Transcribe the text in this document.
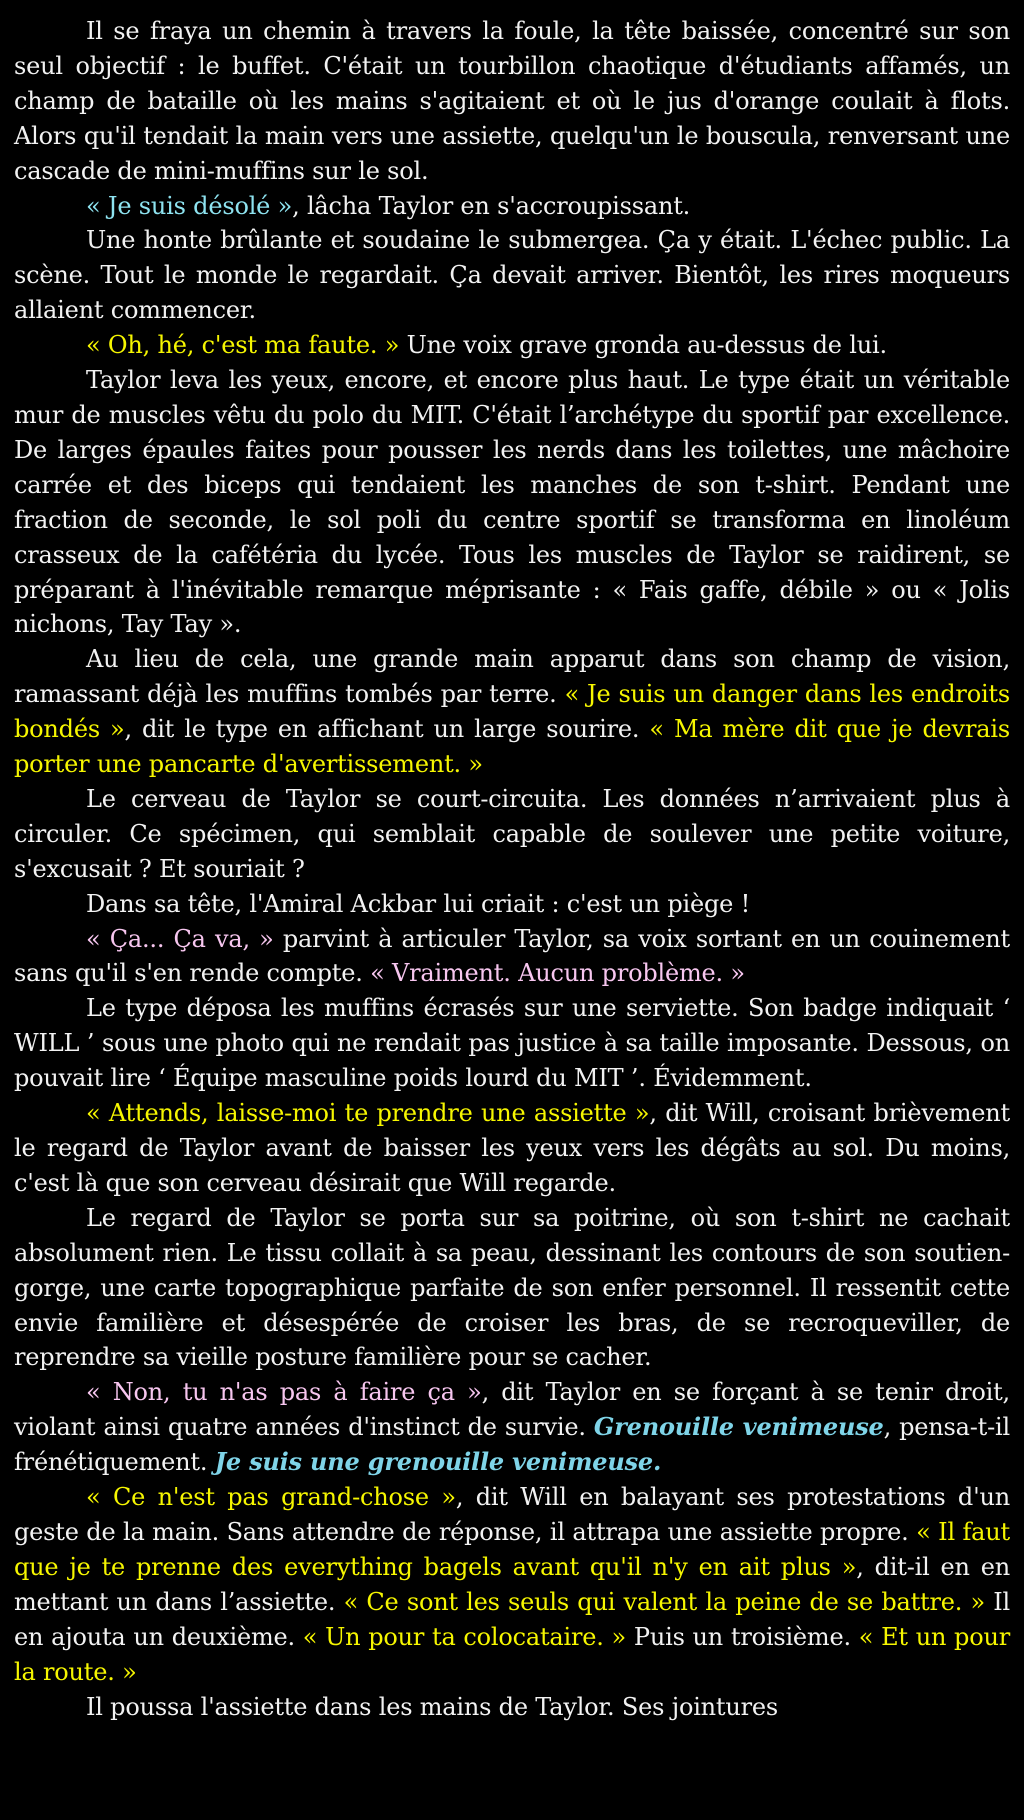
Il se fraya un chemin à travers la foule, la tête baissée, concentré sur son seul objectif : le buffet. C'était un tourbillon chaotique d'étudiants affamés, un champ de bataille où les mains s'agitaient et où le jus d'orange coulait à flots. Alors qu'il tendait la main vers une assiette, quelqu'un le bouscula, renversant une cascade de mini-muffins sur le sol.

« Je suis désolé », lâcha Taylor en s'accroupissant.

Une honte brûlante et soudaine le submergea. Ça y était. L'échec public. La scène. Tout le monde le regardait. Ça devait arriver. Bientôt, les rires moqueurs allaient commencer.

« Oh, hé, c'est ma faute. » Une voix grave gronda au-dessus de lui.

Taylor leva les yeux, encore, et encore plus haut. Le type était un véritable mur de muscles vêtu du polo du MIT. C'était l’archétype du sportif par excellence. De larges épaules faites pour pousser les nerds dans les toilettes, une mâchoire carrée et des biceps qui tendaient les manches de son t-shirt. Pendant une fraction de seconde, le sol poli du centre sportif se transforma en linoléum crasseux de la cafétéria du lycée. Tous les muscles de Taylor se raidirent, se préparant à l'inévitable remarque méprisante : « Fais gaffe, débile » ou « Jolis nichons, Tay Tay ».

Au lieu de cela, une grande main apparut dans son champ de vision, ramassant déjà les muffins tombés par terre. « Je suis un danger dans les endroits bondés », dit le type en affichant un large sourire. « Ma mère dit que je devrais porter une pancarte d'avertissement. »

Le cerveau de Taylor se court-circuita. Les données n’arrivaient plus à circuler. Ce spécimen, qui semblait capable de soulever une petite voiture, s'excusait ? Et souriait ?

Dans sa tête, l'Amiral Ackbar lui criait : c'est un piège !

« Ça... Ça va, » parvint à articuler Taylor, sa voix sortant en un couinement sans qu'il s'en rende compte. « Vraiment. Aucun problème. »

Le type déposa les muffins écrasés sur une serviette. Son badge indiquait ‘ WILL ’ sous une photo qui ne rendait pas justice à sa taille imposante. Dessous, on pouvait lire ‘ Équipe masculine poids lourd du MIT ’. Évidemment.

« Attends, laisse-moi te prendre une assiette », dit Will, croisant brièvement le regard de Taylor avant de baisser les yeux vers les dégâts au sol. Du moins, c'est là que son cerveau désirait que Will regarde.

Le regard de Taylor se porta sur sa poitrine, où son t-shirt ne cachait absolument rien. Le tissu collait à sa peau, dessinant les contours de son soutien-gorge, une carte topographique parfaite de son enfer personnel. Il ressentit cette envie familière et désespérée de croiser les bras, de se recroqueviller, de reprendre sa vieille posture familière pour se cacher.

« Non, tu n'as pas à faire ça », dit Taylor en se forçant à se tenir droit, violant ainsi quatre années d'instinct de survie. Grenouille venimeuse, pensa-t-il frénétiquement. Je suis une grenouille venimeuse.

« Ce n'est pas grand-chose », dit Will en balayant ses protestations d'un geste de la main. Sans attendre de réponse, il attrapa une assiette propre. « Il faut que je te prenne des everything bagels avant qu'il n'y en ait plus », dit-il en en mettant un dans l’assiette. « Ce sont les seuls qui valent la peine de se battre. » Il en ajouta un deuxième. « Un pour ta colocataire. » Puis un troisième. « Et un pour la route. »

Il poussa l'assiette dans les mains de Taylor. Ses jointures
